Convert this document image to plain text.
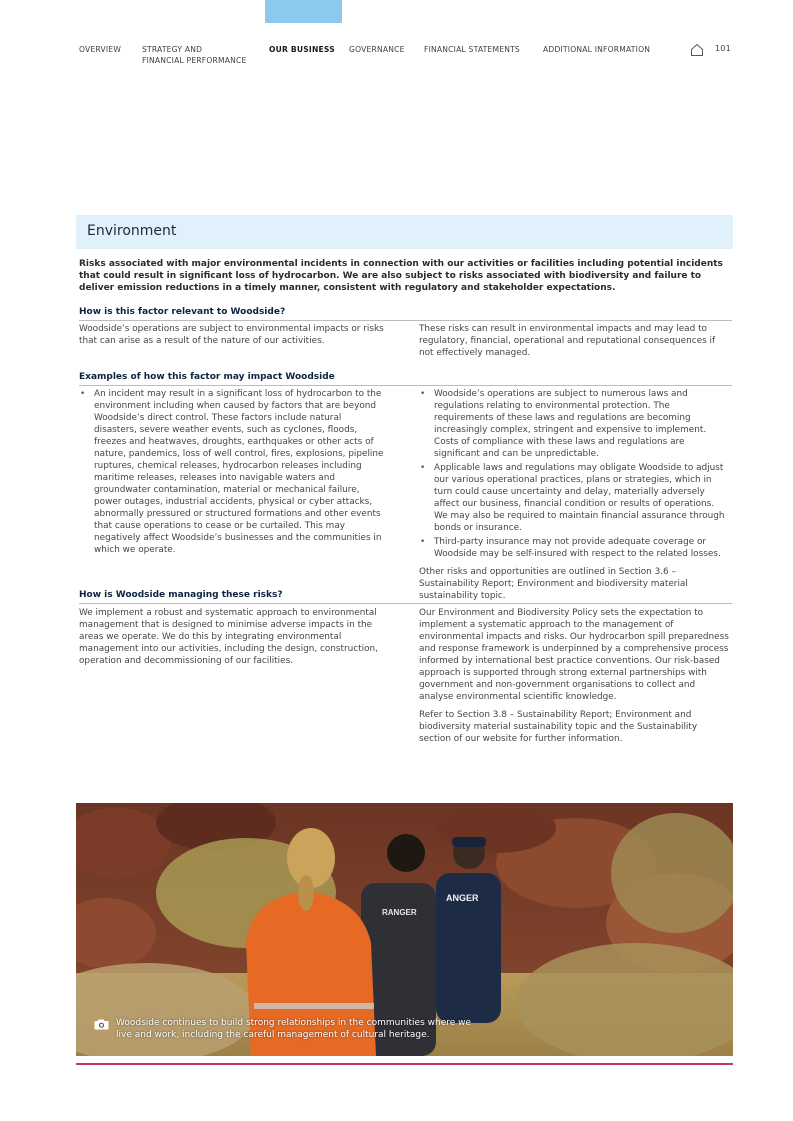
OVERVIEW	STRATEGY AND
FINANCIAL PERFORMANCE
OUR BUSINESS GOVERNANCE	FINANCIAL STATEMENTS	ADDITIONAL INFORMATION	101
Environment

Risks associated with major environmental incidents in connection with our activities or facilities including potential incidents that could result in significant loss of hydrocarbon. We are also subject to risks associated with biodiversity and failure to deliver emission reductions in a timely manner, consistent with regulatory and stakeholder expectations.

How is this factor relevant to Woodside?

Woodside’s operations are subject to environmental impacts or risks that can arise as a result of the nature of our activities.

These risks can result in environmental impacts and may lead to regulatory, financial, operational and reputational consequences if not effectively managed.

Examples of how this factor may impact Woodside
• An incident may result in a significant loss of hydrocarbon to the environment including when caused by factors that are beyond Woodside’s direct control. These factors include natural disasters, severe weather events, such as cyclones, floods, freezes and heatwaves, droughts, earthquakes or other acts of nature, pandemics, loss of well control, fires, explosions, pipeline ruptures, chemical releases, hydrocarbon releases including maritime releases, releases into navigable waters and groundwater contamination, material or mechanical failure, power outages, industrial accidents, physical or cyber attacks, abnormally pressured or structured formations and other events that cause operations to cease or be curtailed. This may negatively affect Woodside’s businesses and the communities in which we operate.
• Woodside’s operations are subject to numerous laws and regulations relating to environmental protection. The requirements of these laws and regulations are becoming increasingly complex, stringent and expensive to implement. Costs of compliance with these laws and regulations are significant and can be unpredictable.
• Applicable laws and regulations may obligate Woodside to adjust our various operational practices, plans or strategies, which in turn could cause uncertainty and delay, materially adversely affect our business, financial condition or results of operations. We may also be required to maintain financial assurance through bonds or insurance.
• Third-party insurance may not provide adequate coverage or Woodside may be self-insured with respect to the related losses.

Other risks and opportunities are outlined in Section 3.6 – Sustainability Report; Environment and biodiversity material sustainability topic.

How is Woodside managing these risks?

We implement a robust and systematic approach to environmental management that is designed to minimise adverse impacts in the areas we operate. We do this by integrating environmental management into our activities, including the design, construction, operation and decommissioning of our facilities.

Our Environment and Biodiversity Policy sets the expectation to implement a systematic approach to the management of environmental impacts and risks. Our hydrocarbon spill preparedness and response framework is underpinned by a comprehensive process informed by international best practice conventions. Our risk-based approach is supported through strong external partnerships with government and non-government organisations to collect and analyse environmental scientific knowledge.

Refer to Section 3.8 – Sustainability Report; Environment and biodiversity material sustainability topic and the Sustainability section of our website for further information.

ANGER
RANGER
Woodside continues to build strong relationships in the communities where we live and work, including the careful management of cultural heritage.
